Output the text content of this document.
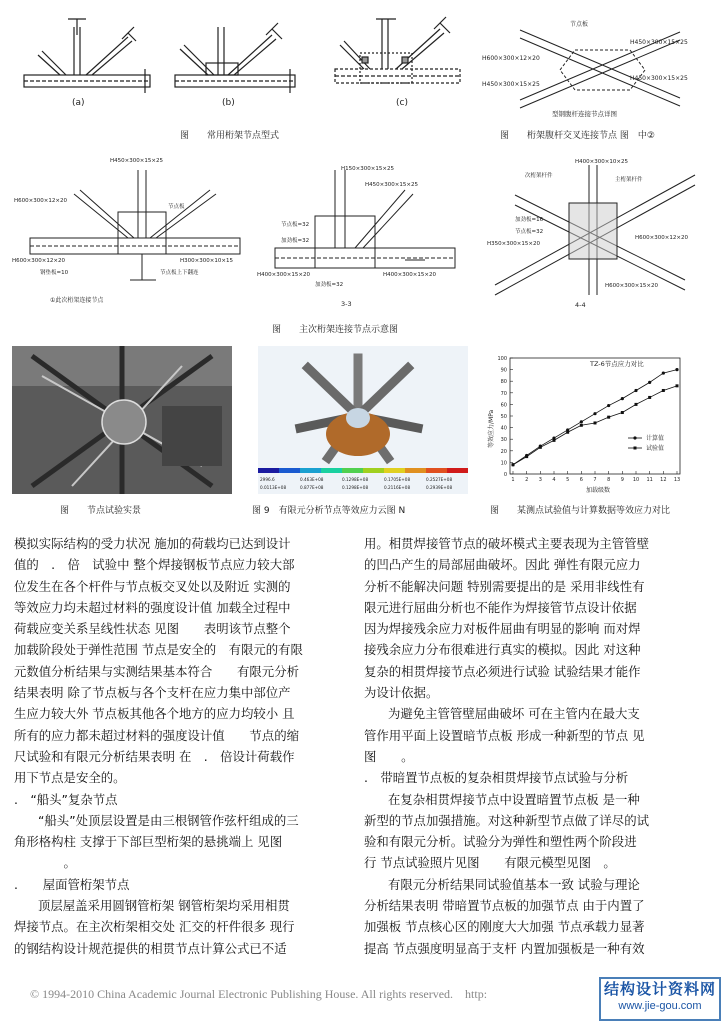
(a)	(b)	(c)
图　　常用桁架节点型式
节点板
H600×300×12×20
H450×300×15×25
H450×300×15×25
H450×300×15×25
型钢腹杆连接节点详图
图　　桁架腹杆交叉连接节点 图　中②
H450×300×15×25
H600×300×12×20
节点板
H600×300×12×20	H300×300×10×15
钢垫板=10	节点板上下翻连
①此次桁架连接节点
H150×300×15×25
H450×300×15×25
节点板=32
加劲板=32
H400×300×15×20	H400×300×15×20
加劲板=32
3-3
H400×300×10×25
次桁架杆件
主桁架杆件
加劲板=16
节点板=32
H350×300×15×20
H600×300×12×20
H600×300×15×20
4-4
图　　主次桁架连接节点示意图
图　　节点试验实景
2996.6
0.0113E+08
0.463E+08
0.877E+08
0.1298E+08
0.1298E+08
0.1705E+08
0.2116E+08
0.2527E+08
0.2939E+08
图 9　有限元分析节点等效应力云图 N
0
10
20
30
40
50
60
70
80
90
100
1 2 3 4 5 6 7 8 9 10 11 12 13
TZ-6节点应力对比
等效应力/MPa
加载级数
计算值
试验值
图　　某测点试验值与计算数据等效应力对比

模拟实际结构的受力状况 施加的荷载均已达到设计

值的　.　倍　试验中 整个焊接钢板节点应力较大部

位发生在各个杆件与节点板交叉处以及附近 实测的

等效应力均未超过材料的强度设计值 加载全过程中

荷载应变关系呈线性状态 见图　　表明该节点整个

加载阶段处于弹性范围 节点是安全的　有限元的有限

元数值分析结果与实测结果基本符合　　有限元分析

结果表明 除了节点板与各个支杆在应力集中部位产

生应力较大外 节点板其他各个地方的应力均较小 且

所有的应力都未超过材料的强度设计值　　节点的缩

尺试验和有限元分析结果表明 在　.　倍设计荷载作

用下节点是安全的。

.　“船头”复杂节点

“船头”处顶层设置是由三根钢管作弦杆组成的三

角形格构柱 支撑于下部巨型桁架的悬挑端上 见图

　　　　。

.　　屋面管桁架节点

顶层屋盖采用圆钢管桁架 钢管桁架均采用相贯

焊接节点。在主次桁架相交处 汇交的杆件很多 现行

的钢结构设计规范提供的相贯节点计算公式已不适

用。相贯焊接管节点的破坏模式主要表现为主管管壁

的凹凸产生的局部屈曲破坏。因此 弹性有限元应力

分析不能解决问题 特别需要提出的是 采用非线性有

限元进行屈曲分析也不能作为焊接管节点设计依据

因为焊接残余应力对板件屈曲有明显的影响 而对焊

接残余应力分布很难进行真实的模拟。因此 对这种

复杂的相贯焊接节点必须进行试验 试验结果才能作

为设计依据。

为避免主管管壁屈曲破坏 可在主管内在最大支

管作用平面上设置暗节点板 形成一种新型的节点 见

图　　。

.　带暗置节点板的复杂相贯焊接节点试验与分析

在复杂相贯焊接节点中设置暗置节点板 是一种

新型的节点加强措施。对这种新型节点做了详尽的试

验和有限元分析。试验分为弹性和塑性两个阶段进

行 节点试验照片见图　　有限元模型见图　。

有限元分析结果同试验值基本一致 试验与理论

分析结果表明 带暗置节点板的加强节点 由于内置了

加强板 节点核心区的刚度大大加强 节点承载力显著

提高 节点强度明显高于支杆 内置加强板是一种有效

© 1994-2010 China Academic Journal Electronic Publishing House. All rights reserved.　http:	结构设计资料网
www.jie-gou.com
